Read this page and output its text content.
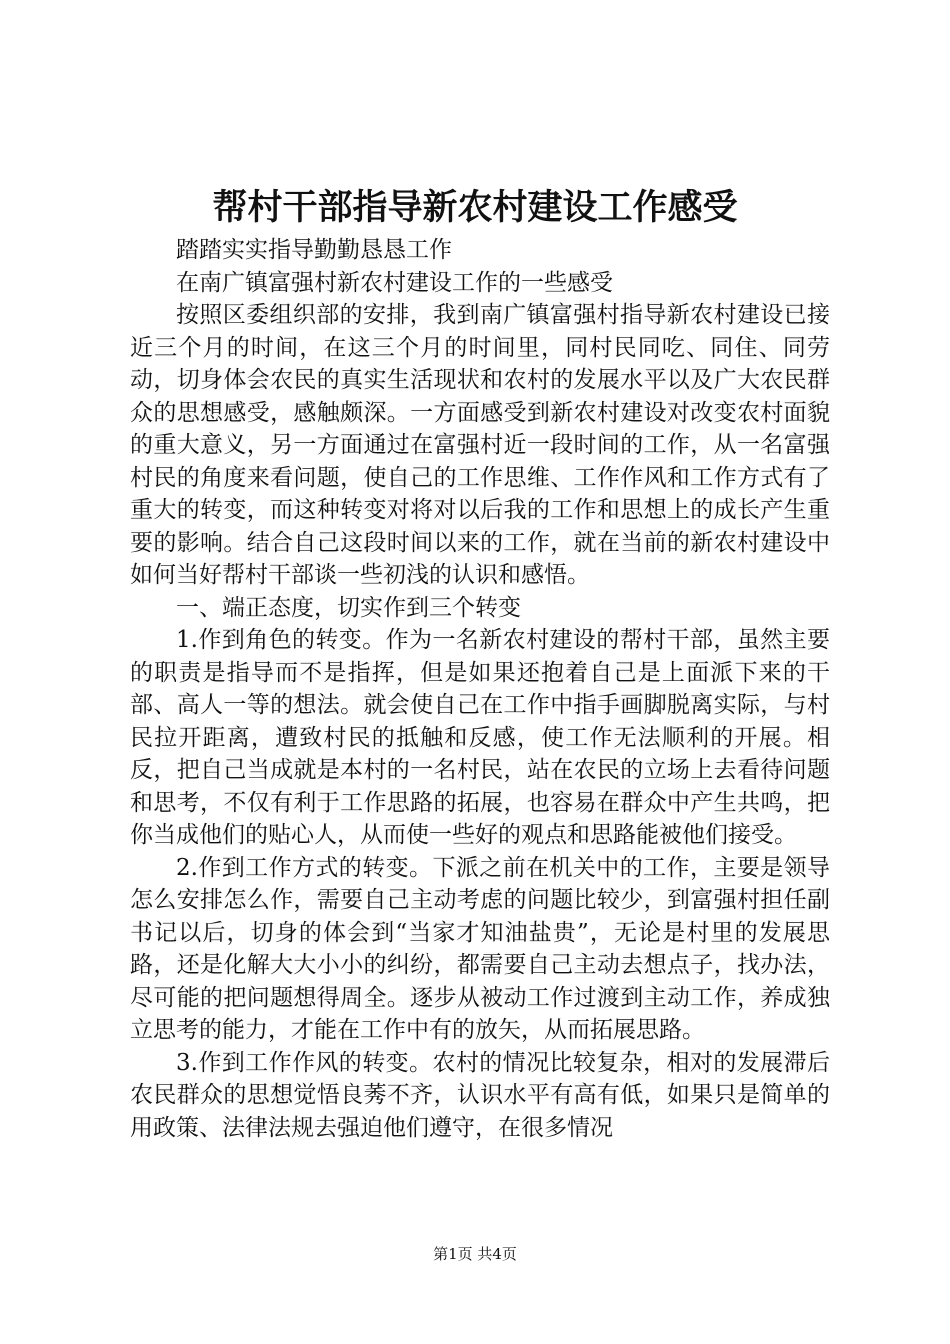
帮村干部指导新农村建设工作感受

踏踏实实指导勤勤恳恳工作

在南广镇富强村新农村建设工作的一些感受

按照区委组织部的安排，我到南广镇富强村指导新农村建设已接近三个月的时间，在这三个月的时间里，同村民同吃、同住、同劳动，切身体会农民的真实生活现状和农村的发展水平以及广大农民群众的思想感受，感触颇深。一方面感受到新农村建设对改变农村面貌的重大意义，另一方面通过在富强村近一段时间的工作，从一名富强村民的角度来看问题，使自己的工作思维、工作作风和工作方式有了重大的转变，而这种转变对将对以后我的工作和思想上的成长产生重要的影响。结合自己这段时间以来的工作，就在当前的新农村建设中如何当好帮村干部谈一些初浅的认识和感悟。

一、端正态度，切实作到三个转变

1.作到角色的转变。作为一名新农村建设的帮村干部，虽然主要的职责是指导而不是指挥，但是如果还抱着自己是上面派下来的干部、高人一等的想法。就会使自己在工作中指手画脚脱离实际，与村民拉开距离，遭致村民的抵触和反感，使工作无法顺利的开展。相反，把自己当成就是本村的一名村民，站在农民的立场上去看待问题和思考，不仅有利于工作思路的拓展，也容易在群众中产生共鸣，把你当成他们的贴心人，从而使一些好的观点和思路能被他们接受。

2.作到工作方式的转变。下派之前在机关中的工作，主要是领导怎么安排怎么作，需要自己主动考虑的问题比较少，到富强村担任副书记以后，切身的体会到“当家才知油盐贵”，无论是村里的发展思路，还是化解大大小小的纠纷，都需要自己主动去想点子，找办法，尽可能的把问题想得周全。逐步从被动工作过渡到主动工作，养成独立思考的能力，才能在工作中有的放矢，从而拓展思路。

3.作到工作作风的转变。农村的情况比较复杂，相对的发展滞后农民群众的思想觉悟良莠不齐，认识水平有高有低，如果只是简单的用政策、法律法规去强迫他们遵守，在很多情况

第1页 共4页
